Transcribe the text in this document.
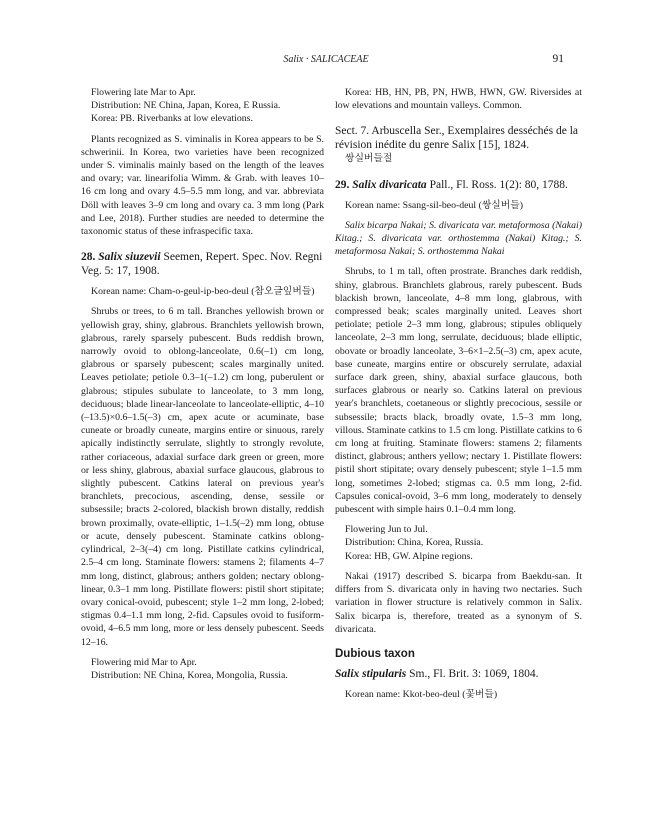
Salix · SALICACEAE	91

Flowering late Mar to Apr.

Distribution: NE China, Japan, Korea, E Russia.

Korea: PB. Riverbanks at low elevations.

Plants recognized as S. viminalis in Korea appears to be S. schwerinii. In Korea, two varieties have been recognized under S. viminalis mainly based on the length of the leaves and ovary; var. linearifolia Wimm. & Grab. with leaves 10–16 cm long and ovary 4.5–5.5 mm long, and var. abbreviata Döll with leaves 3–9 cm long and ovary ca. 3 mm long (Park and Lee, 2018). Further studies are needed to determine the taxonomic status of these infraspecific taxa.

28. Salix siuzevii Seemen, Repert. Spec. Nov. Regni Veg. 5: 17, 1908.

Korean name: Cham-o-geul-ip-beo-deul (참오글잎버들)

Shrubs or trees, to 6 m tall. Branches yellowish brown or yellowish gray, shiny, glabrous. Branchlets yellowish brown, glabrous, rarely sparsely pubescent. Buds reddish brown, narrowly ovoid to oblong-lanceolate, 0.6(–1) cm long, glabrous or sparsely pubescent; scales marginally united. Leaves petiolate; petiole 0.3–1(–1.2) cm long, puberulent or glabrous; stipules subulate to lanceolate, to 3 mm long, deciduous; blade linear-lanceolate to lanceolate-elliptic, 4–10 (–13.5)×0.6–1.5(–3) cm, apex acute or acuminate, base cuneate or broadly cuneate, margins entire or sinuous, rarely apically indistinctly serrulate, slightly to strongly revolute, rather coriaceous, adaxial surface dark green or green, more or less shiny, glabrous, abaxial surface glaucous, glabrous to slightly pubescent. Catkins lateral on previous year's branchlets, precocious, ascending, dense, sessile or subsessile; bracts 2-colored, blackish brown distally, reddish brown proximally, ovate-elliptic, 1–1.5(–2) mm long, obtuse or acute, densely pubescent. Staminate catkins oblong-cylindrical, 2–3(–4) cm long. Pistillate catkins cylindrical, 2.5–4 cm long. Staminate flowers: stamens 2; filaments 4–7 mm long, distinct, glabrous; anthers golden; nectary oblong-linear, 0.3–1 mm long. Pistillate flowers: pistil short stipitate; ovary conical-ovoid, pubescent; style 1–2 mm long, 2-lobed; stigmas 0.4–1.1 mm long, 2-fid. Capsules ovoid to fusiform-ovoid, 4–6.5 mm long, more or less densely pubescent. Seeds 12–16.

Flowering mid Mar to Apr.

Distribution: NE China, Korea, Mongolia, Russia.

Korea: HB, HN, PB, PN, HWB, HWN, GW. Riversides at low elevations and mountain valleys. Common.

Sect. 7. Arbuscella Ser., Exemplaires desséchés de la révision inédite du genre Salix [15], 1824.

쌍실버들절

29. Salix divaricata Pall., Fl. Ross. 1(2): 80, 1788.

Korean name: Ssang-sil-beo-deul (쌍실버들)

Salix bicarpa Nakai; S. divaricata var. metaformosa (Nakai) Kitag.; S. divaricata var. orthostemma (Nakai) Kitag.; S. metaformosa Nakai; S. orthostemma Nakai

Shrubs, to 1 m tall, often prostrate. Branches dark reddish, shiny, glabrous. Branchlets glabrous, rarely pubescent. Buds blackish brown, lanceolate, 4–8 mm long, glabrous, with compressed beak; scales marginally united. Leaves short petiolate; petiole 2–3 mm long, glabrous; stipules obliquely lanceolate, 2–3 mm long, serrulate, deciduous; blade elliptic, obovate or broadly lanceolate, 3–6×1–2.5(–3) cm, apex acute, base cuneate, margins entire or obscurely serrulate, adaxial surface dark green, shiny, abaxial surface glaucous, both surfaces glabrous or nearly so. Catkins lateral on previous year's branchlets, coetaneous or slightly precocious, sessile or subsessile; bracts black, broadly ovate, 1.5–3 mm long, villous. Staminate catkins to 1.5 cm long. Pistillate catkins to 6 cm long at fruiting. Staminate flowers: stamens 2; filaments distinct, glabrous; anthers yellow; nectary 1. Pistillate flowers: pistil short stipitate; ovary densely pubescent; style 1–1.5 mm long, sometimes 2-lobed; stigmas ca. 0.5 mm long, 2-fid. Capsules conical-ovoid, 3–6 mm long, moderately to densely pubescent with simple hairs 0.1–0.4 mm long.

Flowering Jun to Jul.

Distribution: China, Korea, Russia.

Korea: HB, GW. Alpine regions.

Nakai (1917) described S. bicarpa from Baekdu-san. It differs from S. divaricata only in having two nectaries. Such variation in flower structure is relatively common in Salix. Salix bicarpa is, therefore, treated as a synonym of S. divaricata.

Dubious taxon

Salix stipularis Sm., Fl. Brit. 3: 1069, 1804.

Korean name: Kkot-beo-deul (꽃버들)
